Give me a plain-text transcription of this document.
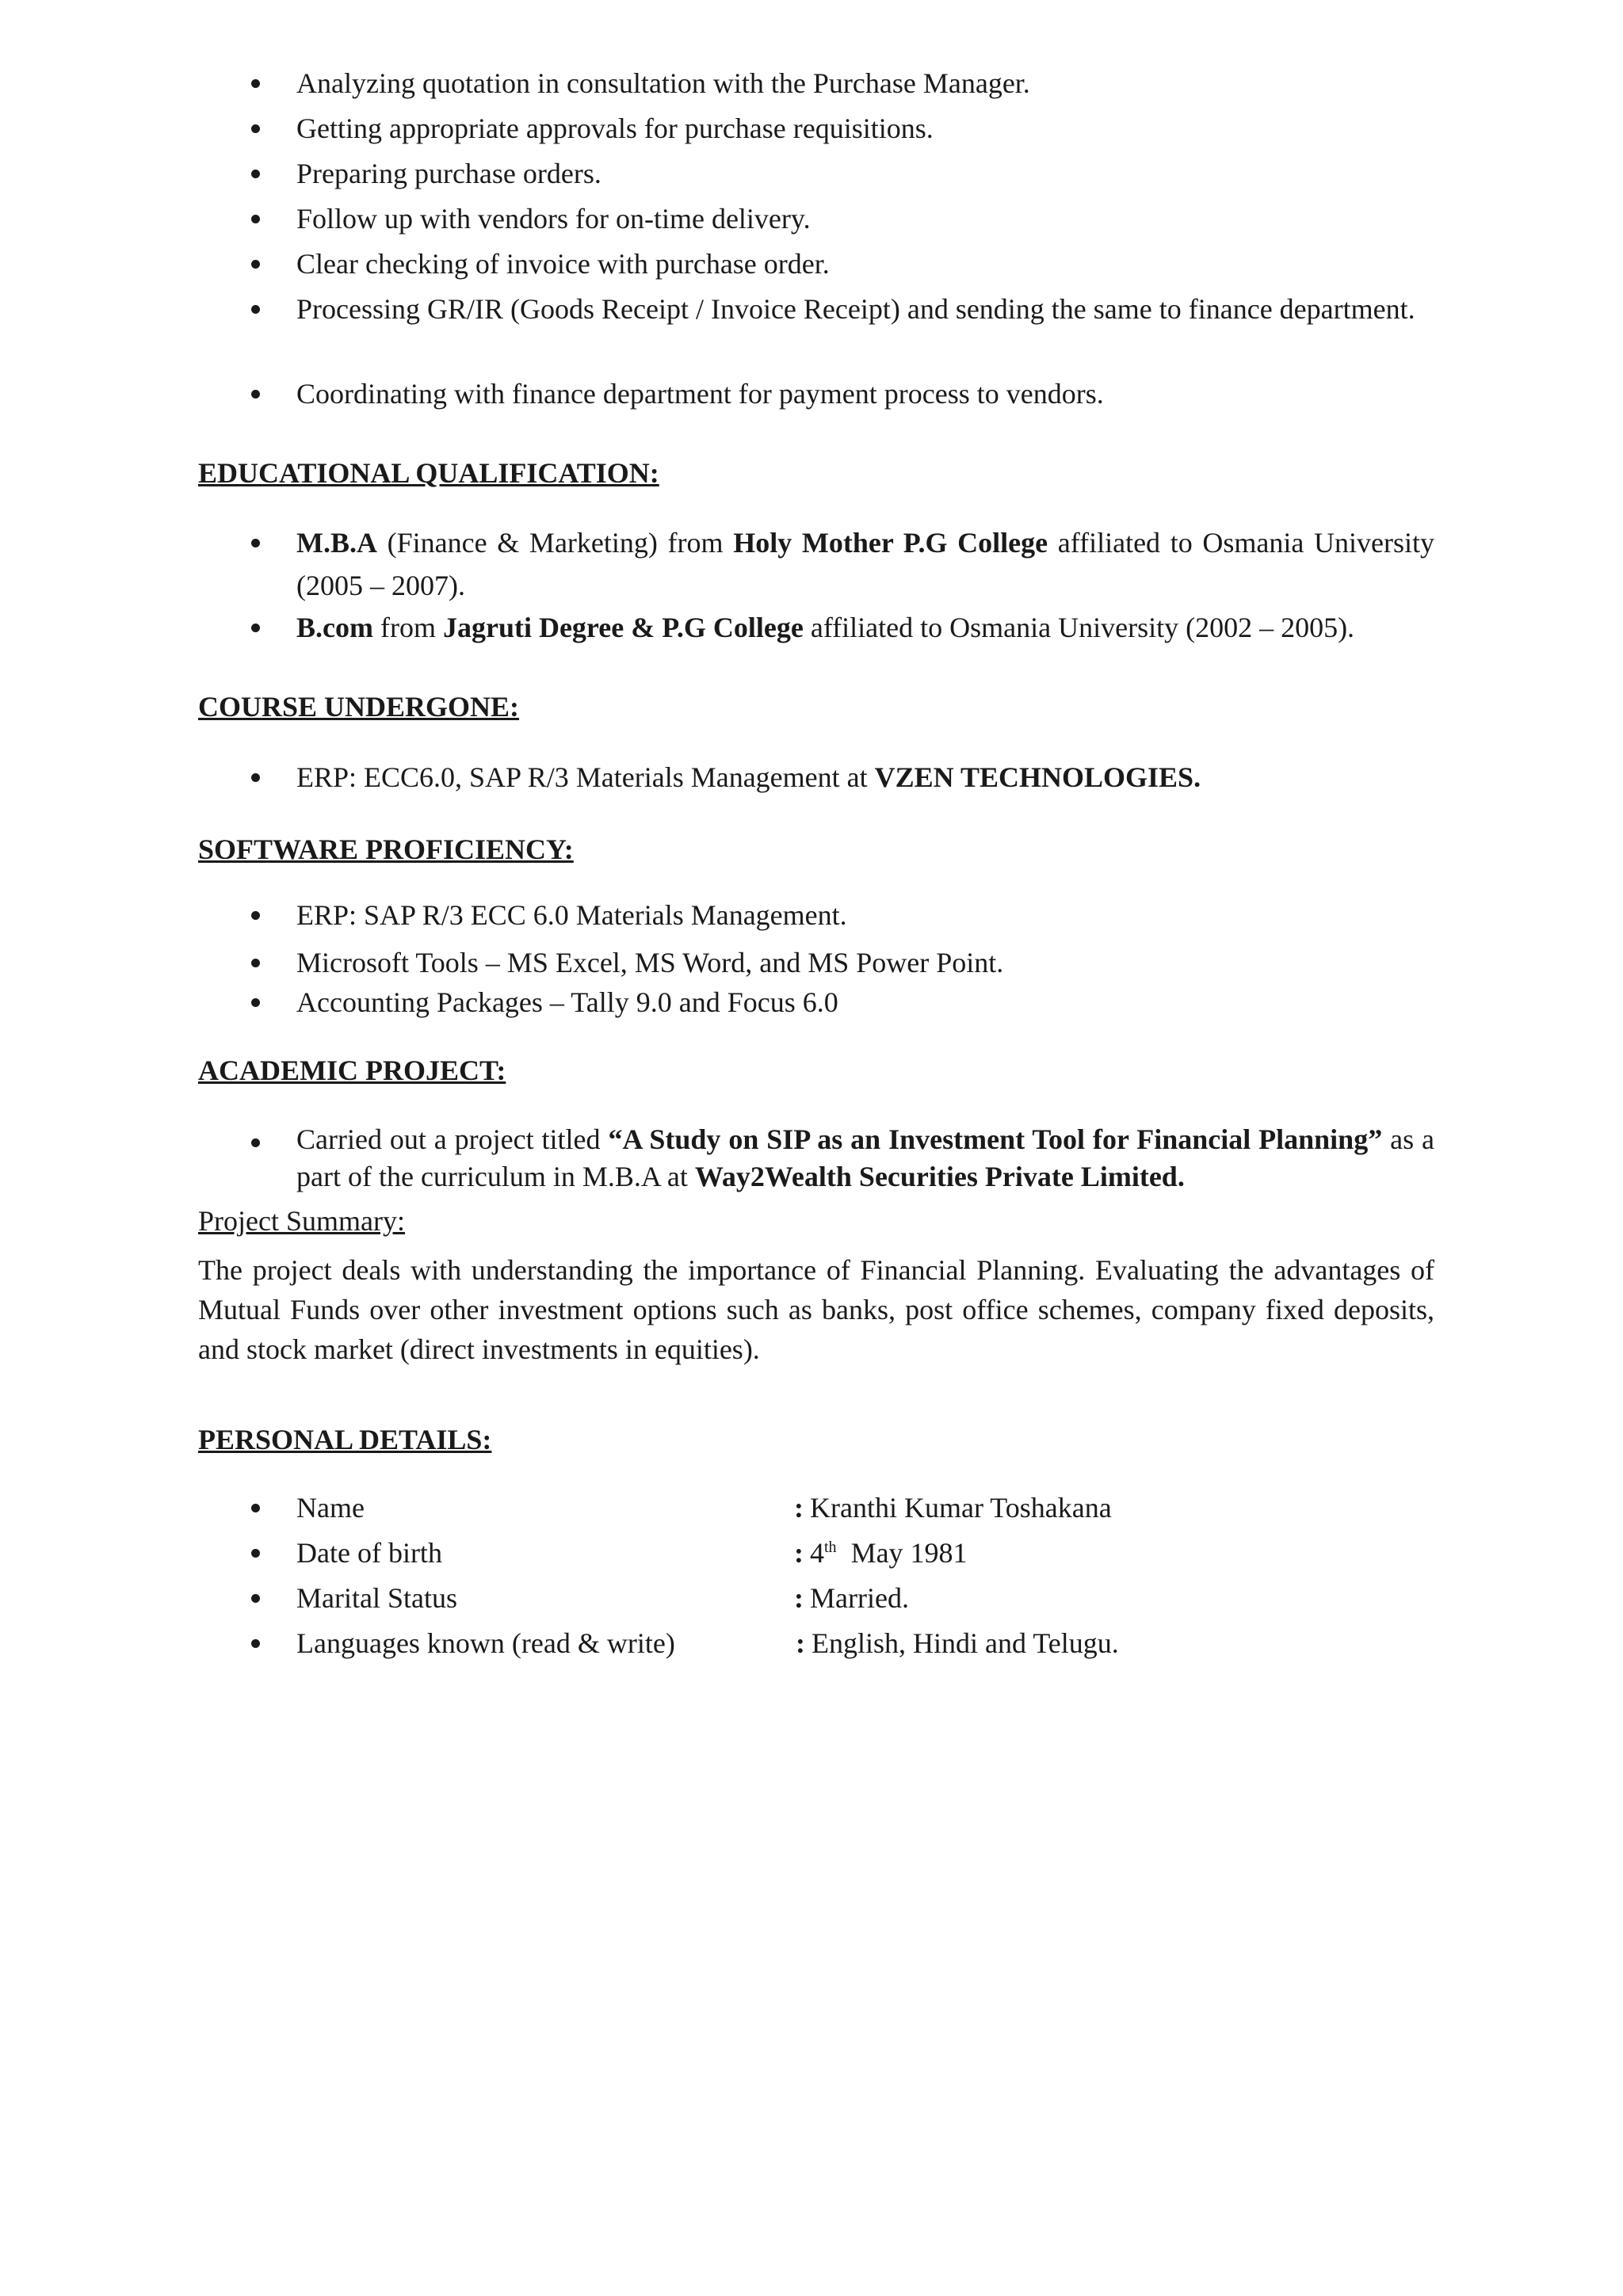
Analyzing quotation in consultation with the Purchase Manager.
Getting appropriate approvals for purchase requisitions.
Preparing purchase orders.
Follow up with vendors for on-time delivery.
Clear checking of invoice with purchase order.
Processing GR/IR (Goods Receipt / Invoice Receipt) and sending the same to finance department.
Coordinating with finance department for payment process to vendors.

EDUCATIONAL QUALIFICATION:

M.B.A (Finance & Marketing) from Holy Mother P.G College affiliated to Osmania University (2005 – 2007).
B.com from Jagruti Degree & P.G College affiliated to Osmania University (2002 – 2005).

COURSE UNDERGONE:

ERP: ECC6.0, SAP R/3 Materials Management at VZEN TECHNOLOGIES.

SOFTWARE PROFICIENCY:

ERP: SAP R/3 ECC 6.0 Materials Management.
Microsoft Tools – MS Excel, MS Word, and MS Power Point.
Accounting Packages – Tally 9.0 and Focus 6.0

ACADEMIC PROJECT:

Carried out a project titled “A Study on SIP as an Investment Tool for Financial Planning” as a part of the curriculum in M.B.A at Way2Wealth Securities Private Limited.

Project Summary:

The project deals with understanding the importance of Financial Planning. Evaluating the advantages of Mutual Funds over other investment options such as banks, post office schemes, company fixed deposits, and stock market (direct investments in equities).

PERSONAL DETAILS:

Name	: Kranthi Kumar Toshakana
Date of birth	: 4th  May 1981
Marital Status	: Married.
Languages known (read & write)	: English, Hindi and Telugu.
